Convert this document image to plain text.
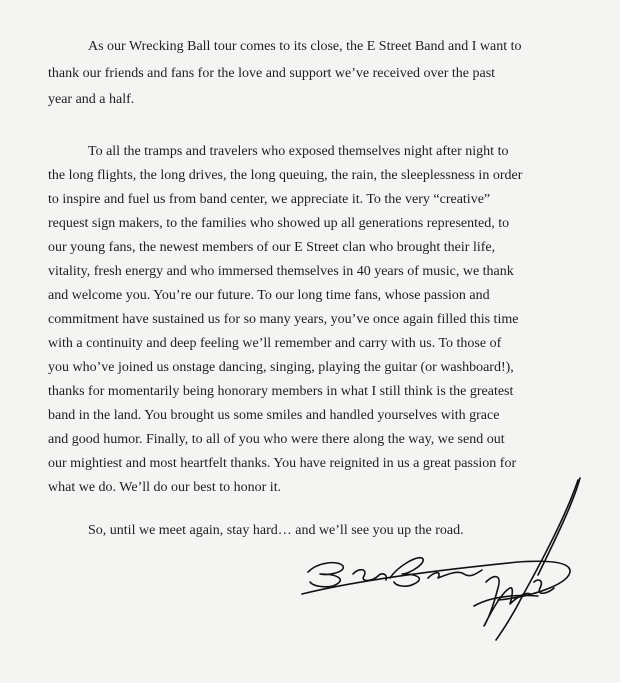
As our Wrecking Ball tour comes to its close, the E Street Band and I want to
thank our friends and fans for the love and support we’ve received over the past
year and a half.
To all the tramps and travelers who exposed themselves night after night to
the long flights, the long drives, the long queuing, the rain, the sleeplessness in order
to inspire and fuel us from band center, we appreciate it. To the very “creative”
request sign makers, to the families who showed up all generations represented, to
our young fans, the newest members of our E Street clan who brought their life,
vitality, fresh energy and who immersed themselves in 40 years of music, we thank
and welcome you. You’re our future. To our long time fans, whose passion and
commitment have sustained us for so many years, you’ve once again filled this time
with a continuity and deep feeling we’ll remember and carry with us. To those of
you who’ve joined us onstage dancing, singing, playing the guitar (or washboard!),
thanks for momentarily being honorary members in what I still think is the greatest
band in the land. You brought us some smiles and handled yourselves with grace
and good humor. Finally, to all of you who were there along the way, we send out
our mightiest and most heartfelt thanks. You have reignited in us a great passion for
what we do. We’ll do our best to honor it.
So, until we meet again, stay hard… and we’ll see you up the road.
